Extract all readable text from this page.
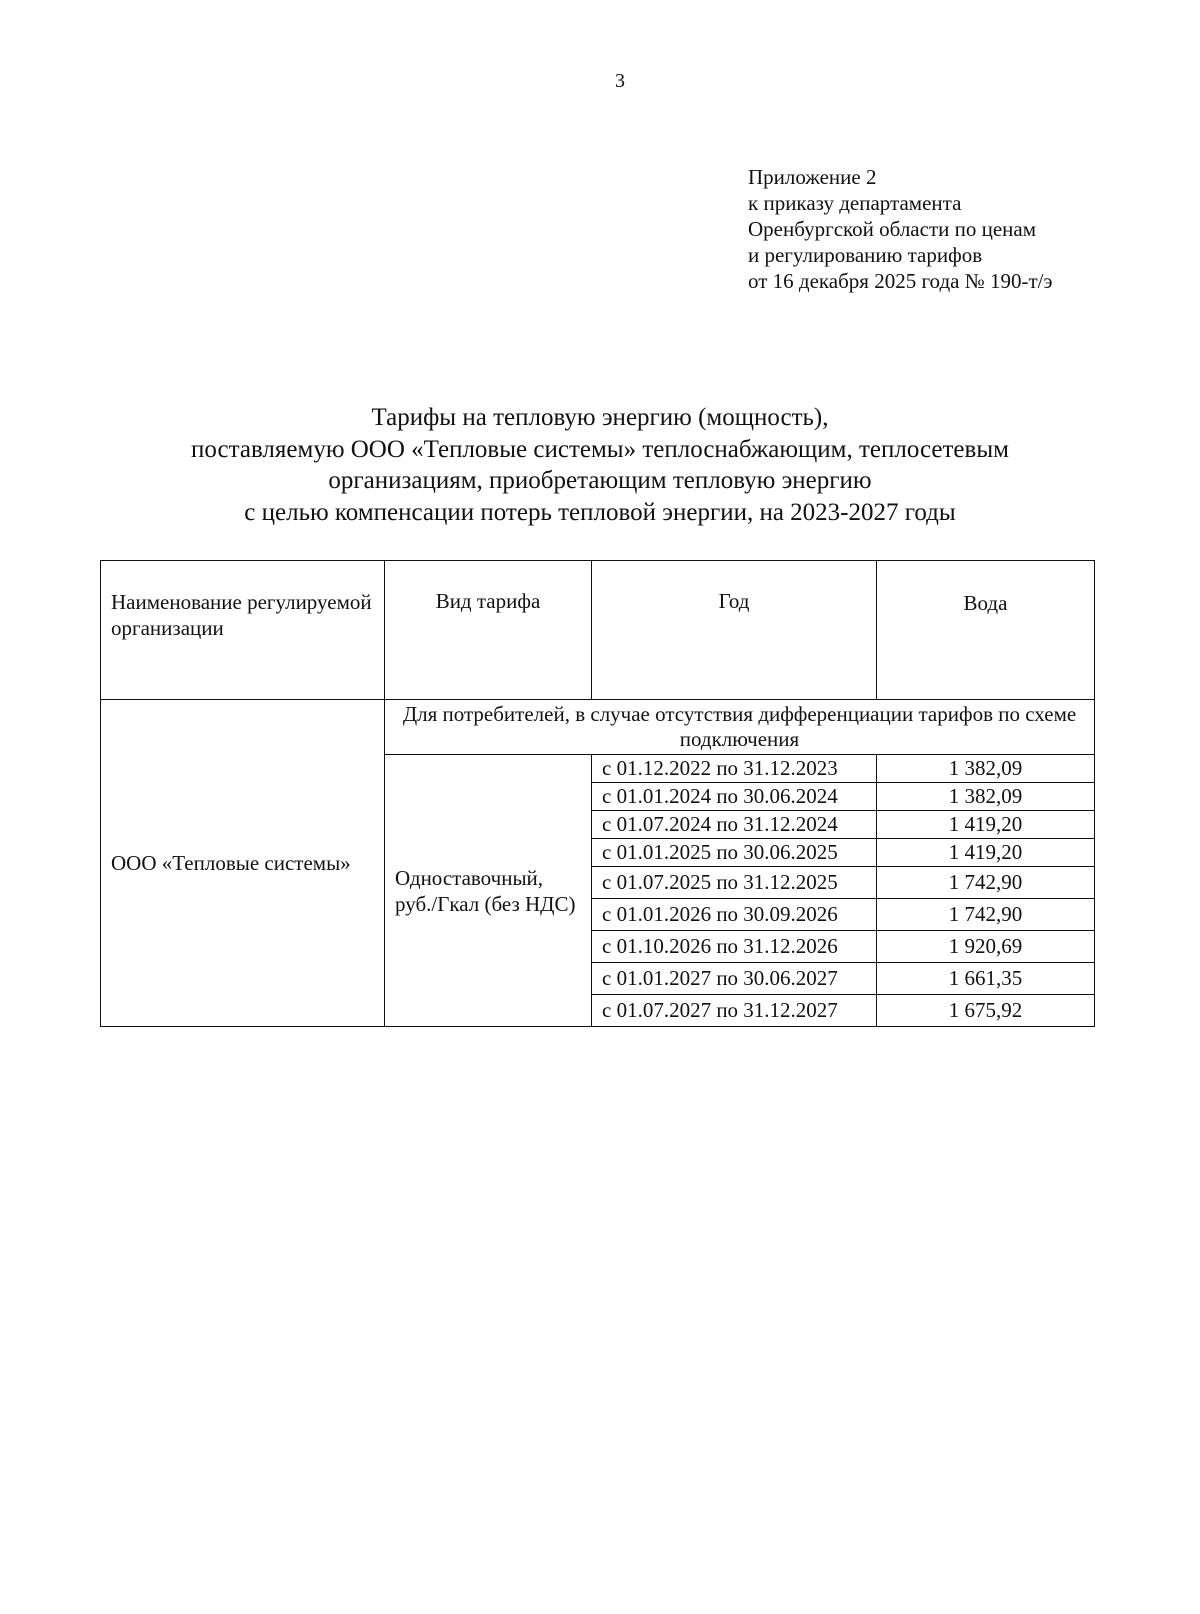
3
Приложение 2
к приказу департамента
Оренбургской области по ценам
и регулированию тарифов
от 16 декабря 2025 года № 190-т/э
Тарифы на тепловую энергию (мощность),
поставляемую ООО «Тепловые системы» теплоснабжающим, теплосетевым
организациям, приобретающим тепловую энергию
с целью компенсации потерь тепловой энергии, на 2023-2027 годы
Наименование регулируемой организации	Вид тарифа	Год	Вода
ООО «Тепловые системы»	Для потребителей, в случае отсутствия дифференциации тарифов по схеме подключения		
	Одноставочный, руб./Гкал (без НДС)	с 01.12.2022 по 31.12.2023	1 382,09
		с 01.01.2024 по 30.06.2024	1 382,09
		с 01.07.2024 по 31.12.2024	1 419,20
		с 01.01.2025 по 30.06.2025	1 419,20
		с 01.07.2025 по 31.12.2025	1 742,90
		с 01.01.2026 по 30.09.2026	1 742,90
		с 01.10.2026 по 31.12.2026	1 920,69
		с 01.01.2027 по 30.06.2027	1 661,35
		с 01.07.2027 по 31.12.2027	1 675,92
